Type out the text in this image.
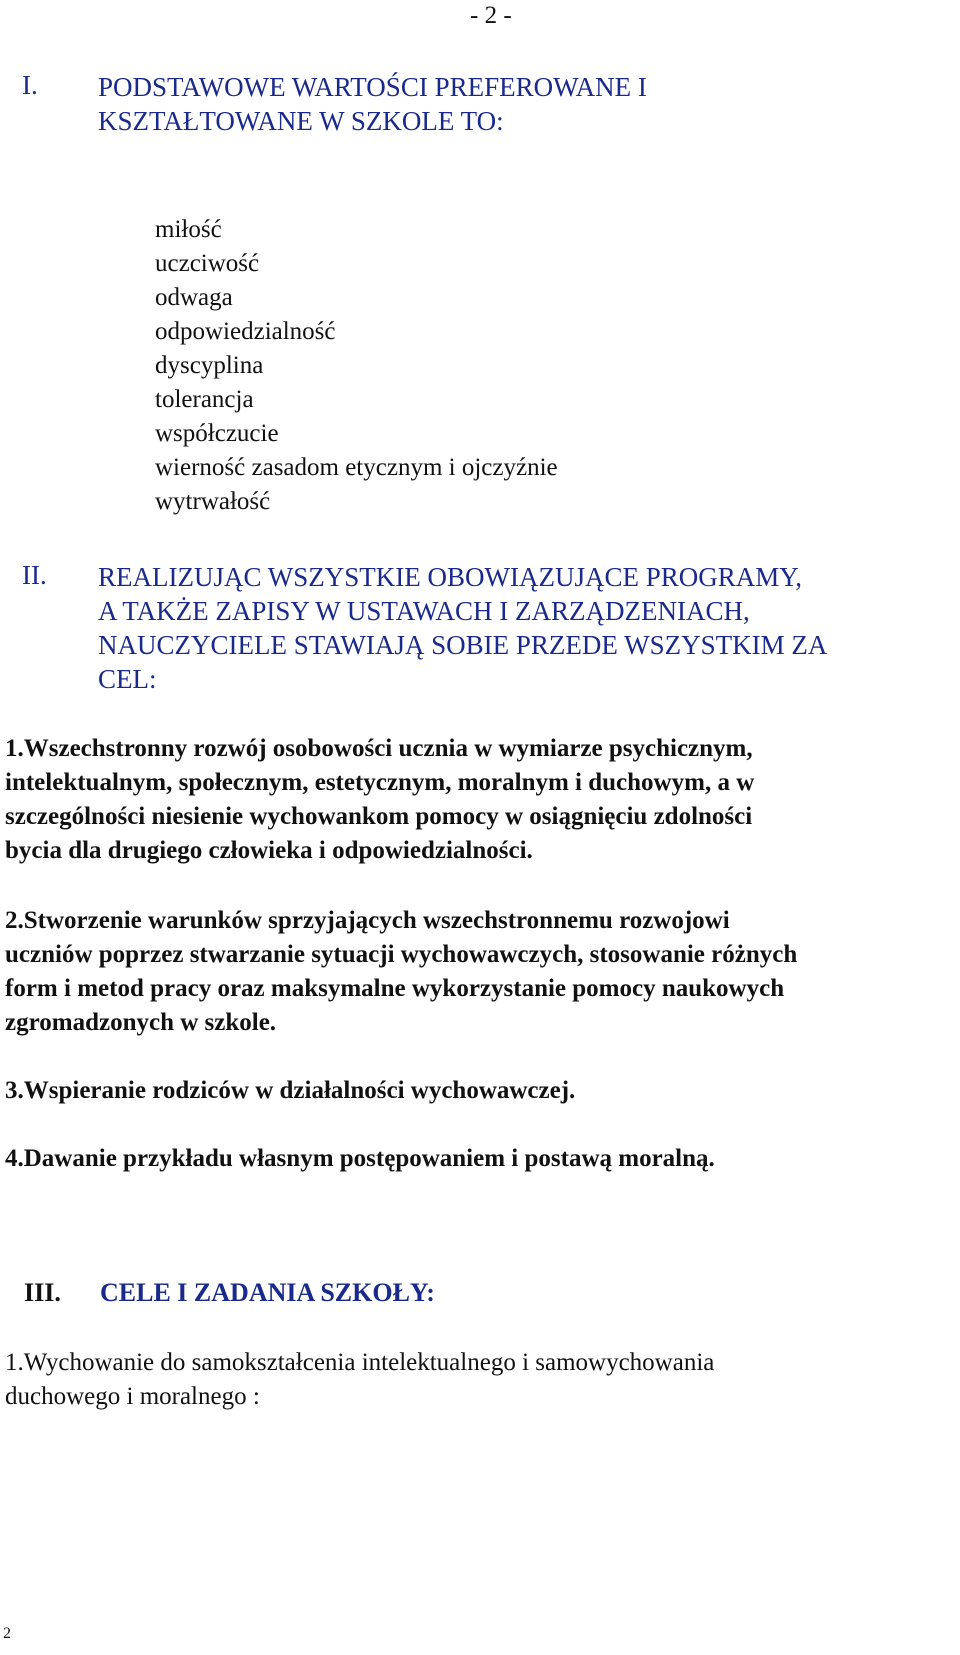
- 2 -
I. PODSTAWOWE WARTOŚCI PREFEROWANE I
KSZTAŁTOWANE W SZKOLE TO:
miłość
uczciwość
odwaga
odpowiedzialność
dyscyplina
tolerancja
współczucie
wierność zasadom etycznym i ojczyźnie
wytrwałość
II. REALIZUJĄC WSZYSTKIE OBOWIĄZUJĄCE PROGRAMY,
A TAKŻE ZAPISY W USTAWACH I ZARZĄDZENIACH,
NAUCZYCIELE STAWIAJĄ SOBIE PRZEDE WSZYSTKIM ZA
CEL:
1.Wszechstronny rozwój osobowości ucznia w wymiarze psychicznym,
intelektualnym, społecznym, estetycznym, moralnym i duchowym, a w
szczególności niesienie wychowankom pomocy w osiągnięciu zdolności
bycia dla drugiego człowieka i odpowiedzialności.
2.Stworzenie warunków sprzyjających wszechstronnemu rozwojowi
uczniów poprzez stwarzanie sytuacji wychowawczych, stosowanie różnych
form i metod pracy oraz maksymalne wykorzystanie pomocy naukowych
zgromadzonych w szkole.
3.Wspieranie rodziców w działalności wychowawczej.
4.Dawanie przykładu własnym postępowaniem i postawą moralną.
III. CELE I ZADANIA SZKOŁY:
1.Wychowanie do samokształcenia intelektualnego i samowychowania
duchowego i moralnego :
2
